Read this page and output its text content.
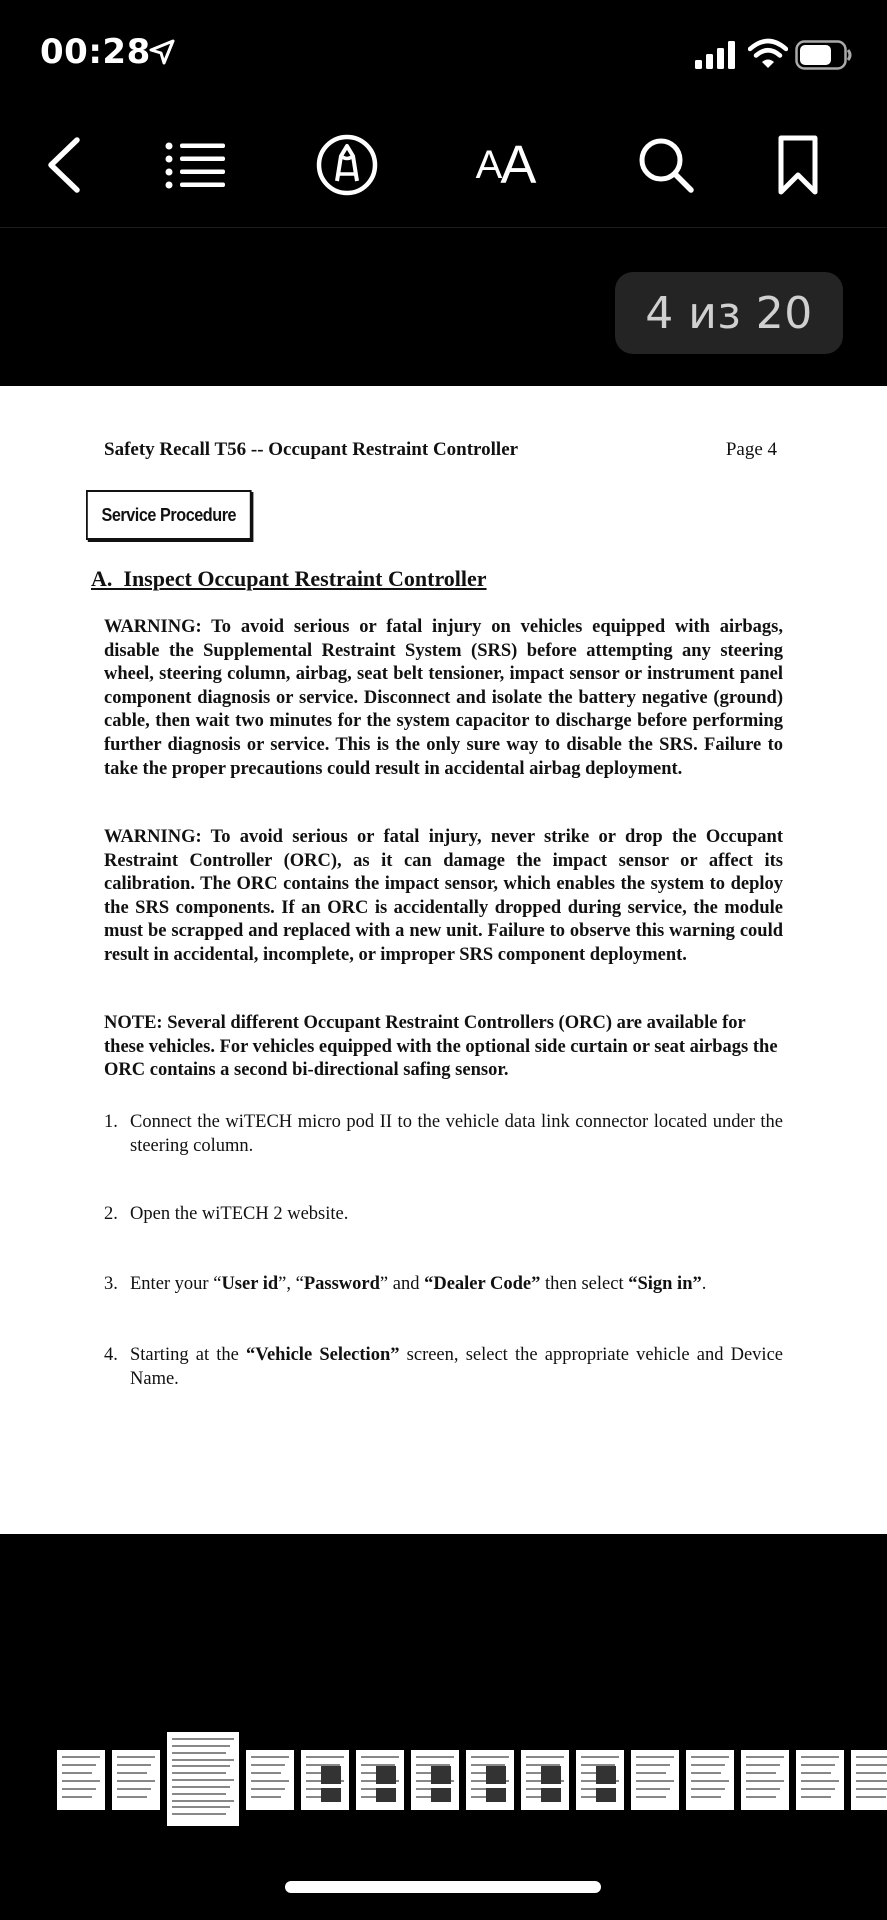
00:28
A A
4 из 20
Safety Recall T56 -- Occupant Restraint Controller	Page 4
Service Procedure
A.  Inspect Occupant Restraint Controller
WARNING: To avoid serious or fatal injury on vehicles equipped with airbags, disable the Supplemental Restraint System (SRS) before attempting any steering wheel, steering column, airbag, seat belt tensioner, impact sensor or instrument panel component diagnosis or service. Disconnect and isolate the battery negative (ground) cable, then wait two minutes for the system capacitor to discharge before performing further diagnosis or service. This is the only sure way to disable the SRS. Failure to take the proper precautions could result in accidental airbag deployment.
WARNING: To avoid serious or fatal injury, never strike or drop the Occupant Restraint Controller (ORC), as it can damage the impact sensor or affect its calibration. The ORC contains the impact sensor, which enables the system to deploy the SRS components. If an ORC is accidentally dropped during service, the module must be scrapped and replaced with a new unit. Failure to observe this warning could result in accidental, incomplete, or improper SRS component deployment.
NOTE: Several different Occupant Restraint Controllers (ORC) are available for these vehicles. For vehicles equipped with the optional side curtain or seat airbags the ORC contains a second bi-directional safing sensor.
1. Connect the wiTECH micro pod II to the vehicle data link connector located under the steering column.
2. Open the wiTECH 2 website.
3. Enter your “User id”, “Password” and “Dealer Code” then select “Sign in”.
4. Starting at the “Vehicle Selection” screen, select the appropriate vehicle and Device Name.
